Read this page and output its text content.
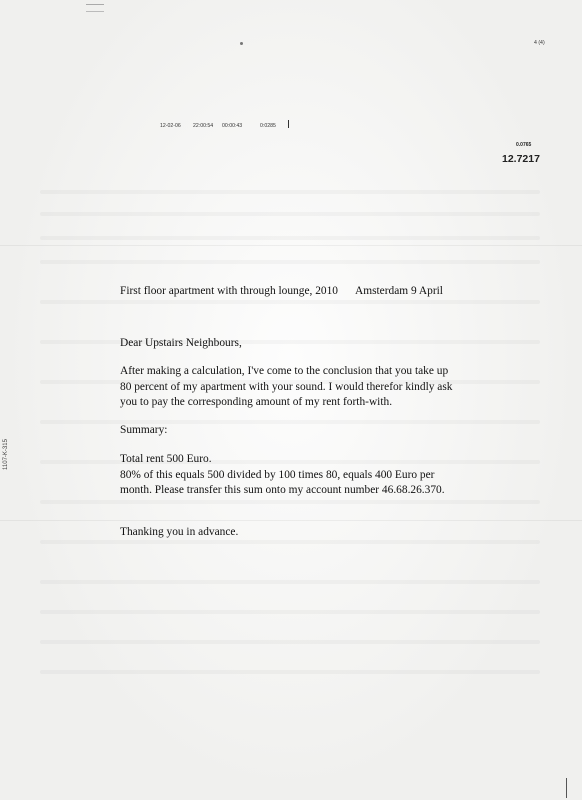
4 (4)
12-02-06 22:00:54 00:00:43	0:0285
0.0765
12.7217
1107-K-315

First floor apartment with through lounge, 2010	Amsterdam 9 April

Dear Upstairs Neighbours,

After making a calculation, I've come to the conclusion that you take up 80 percent of my apartment with your sound. I would therefor kindly ask you to pay the corresponding amount of my rent forth-with.

Summary:

Total rent 500 Euro.

80% of this equals 500 divided by 100 times 80, equals 400 Euro per month. Please transfer this sum onto my account number 46.68.26.370.

Thanking you in advance.
